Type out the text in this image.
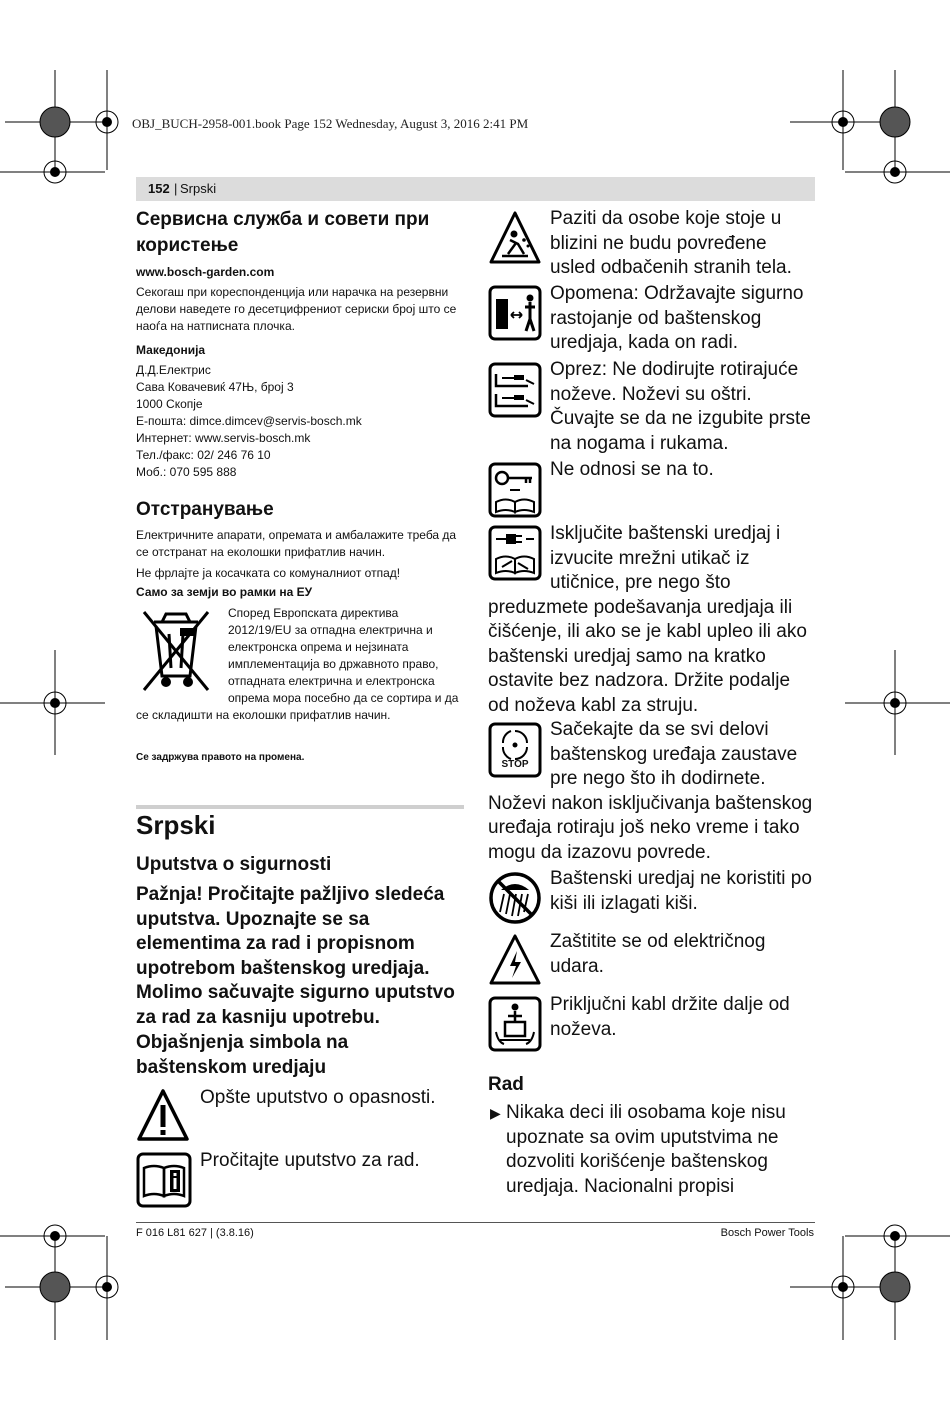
OBJ_BUCH-2958-001.book Page 152 Wednesday, August 3, 2016 2:41 PM
152 | Srpski
Сервисна служба и совети при користење
www.bosch-garden.com
Секогаш при кореспонденција или нарачка на резервни делови наведете го десетцифрениот сериски број што се наоѓа на натписната плочка.
Македонија
Д.Д.Електрис
Сава Ковачевиќ 47Њ, број 3
1000 Скопје
E-пошта: dimce.dimcev@servis-bosch.mk
Интернет: www.servis-bosch.mk
Тел./факс: 02/ 246 76 10
Моб.: 070 595 888
Отстранување
Електричните апарати, опремата и амбалажите треба да се отстранат на еколошки прифатлив начин.
Не фрлајте ја косачката со комуналниот отпад!
Само за земји во рамки на ЕУ
Според Европската директива 2012/19/EU за отпадна електрична и електронска опрема и нејзината имплементација во државното право, отпадната електрична и електронска опрема мора посебно да се сортира и да се складишти на еколошки прифатлив начин.
Се задржува правото на промена.
Srpski
Uputstva o sigurnosti
Pažnja! Pročitajte pažljivo sledeća uputstva. Upoznajte se sa elementima za rad i propisnom upotrebom baštenskog uredjaja. Molimo sačuvajte sigurno uputstvo za rad za kasniju upotrebu.
Objašnjenja simbola na baštenskom uredjaju
Opšte uputstvo o opasnosti.
Pročitajte uputstvo za rad.
Paziti da osobe koje stoje u blizini ne budu povređene usled odbačenih stranih tela.
Opomena: Održavajte sigurno rastojanje od baštenskog uredjaja, kada on radi.
Oprez: Ne dodirujte rotirajuće noževe. Noževi su oštri. Čuvajte se da ne izgubite prste na nogama i rukama.
Ne odnosi se na to.
Isključite baštenski uredjaj i izvucite mrežni utikač iz utičnice, pre nego što preduzmete podešavanja uredjaja ili čišćenje, ili ako se je kabl upleo ili ako baštenski uredjaj samo na kratko ostavite bez nadzora. Držite podalje od noževa kabl za struju.
STOP
Sačekajte da se svi delovi baštenskog uređaja zaustave pre nego što ih dodirnete. Noževi nakon isključivanja baštenskog uređaja rotiraju još neko vreme i tako mogu da izazovu povrede.
Baštenski uredjaj ne koristiti po kiši ili izlagati kiši.
Zaštitite se od električnog udara.
Priključni kabl držite dalje od noževa.
Rad
▶ Nikaka deci ili osobama koje nisu upoznate sa ovim uputstvima ne dozvoliti korišćenje baštenskog uredjaja. Nacionalni propisi
F 016 L81 627 | (3.8.16)	Bosch Power Tools
